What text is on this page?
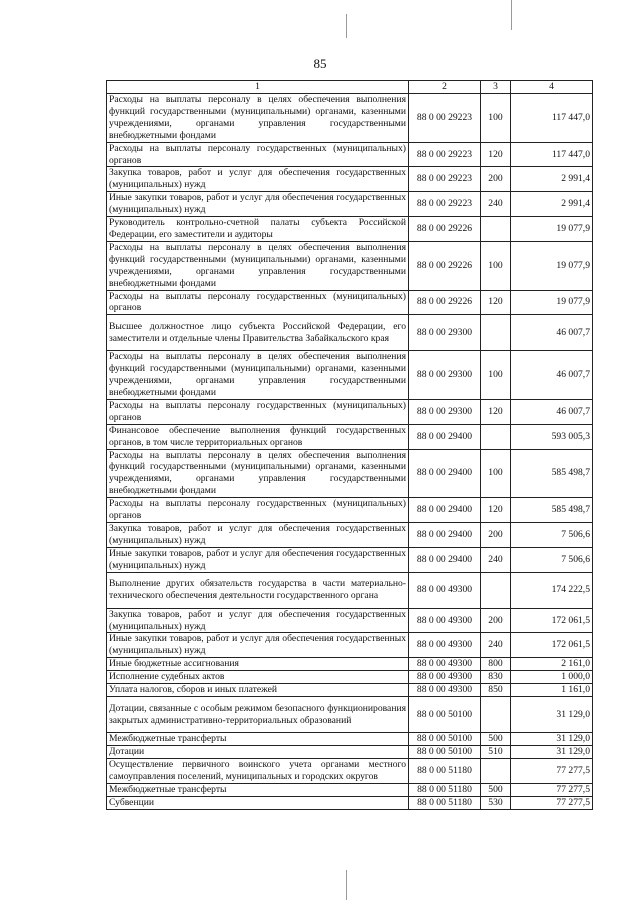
85
1	2	3	4
Расходы на выплаты персоналу в целях обеспечения выполнения функций государственными (муниципальными) органами, казенными учреждениями, органами управления государственными внебюджетными фондами	88 0 00 29223	100	117 447,0
Расходы на выплаты персоналу государственных (муниципальных) органов	88 0 00 29223	120	117 447,0
Закупка товаров, работ и услуг для обеспечения государственных (муниципальных) нужд	88 0 00 29223	200	2 991,4
Иные закупки товаров, работ и услуг для обеспечения государственных (муниципальных) нужд	88 0 00 29223	240	2 991,4
Руководитель контрольно-счетной палаты субъекта Российской Федерации, его заместители и аудиторы	88 0 00 29226		19 077,9
Расходы на выплаты персоналу в целях обеспечения выполнения функций государственными (муниципальными) органами, казенными учреждениями, органами управления государственными внебюджетными фондами	88 0 00 29226	100	19 077,9
Расходы на выплаты персоналу государственных (муниципальных) органов	88 0 00 29226	120	19 077,9
Высшее должностное лицо субъекта Российской Федерации, его заместители и отдельные члены Правительства Забайкальского края	88 0 00 29300		46 007,7
Расходы на выплаты персоналу в целях обеспечения выполнения функций государственными (муниципальными) органами, казенными учреждениями, органами управления государственными внебюджетными фондами	88 0 00 29300	100	46 007,7
Расходы на выплаты персоналу государственных (муниципальных) органов	88 0 00 29300	120	46 007,7
Финансовое обеспечение выполнения функций государственных органов, в том числе территориальных органов	88 0 00 29400		593 005,3
Расходы на выплаты персоналу в целях обеспечения выполнения функций государственными (муниципальными) органами, казенными учреждениями, органами управления государственными внебюджетными фондами	88 0 00 29400	100	585 498,7
Расходы на выплаты персоналу государственных (муниципальных) органов	88 0 00 29400	120	585 498,7
Закупка товаров, работ и услуг для обеспечения государственных (муниципальных) нужд	88 0 00 29400	200	7 506,6
Иные закупки товаров, работ и услуг для обеспечения государственных (муниципальных) нужд	88 0 00 29400	240	7 506,6
Выполнение других обязательств государства в части материально-технического обеспечения деятельности государственного органа	88 0 00 49300		174 222,5
Закупка товаров, работ и услуг для обеспечения государственных (муниципальных) нужд	88 0 00 49300	200	172 061,5
Иные закупки товаров, работ и услуг для обеспечения государственных (муниципальных) нужд	88 0 00 49300	240	172 061,5
Иные бюджетные ассигнования	88 0 00 49300	800	2 161,0
Исполнение судебных актов	88 0 00 49300	830	1 000,0
Уплата налогов, сборов и иных платежей	88 0 00 49300	850	1 161,0
Дотации, связанные с особым режимом безопасного функционирования закрытых административно-территориальных образований	88 0 00 50100		31 129,0
Межбюджетные трансферты	88 0 00 50100	500	31 129,0
Дотации	88 0 00 50100	510	31 129,0
Осуществление первичного воинского учета органами местного самоуправления поселений, муниципальных и городских округов	88 0 00 51180		77 277,5
Межбюджетные трансферты	88 0 00 51180	500	77 277,5
Субвенции	88 0 00 51180	530	77 277,5
